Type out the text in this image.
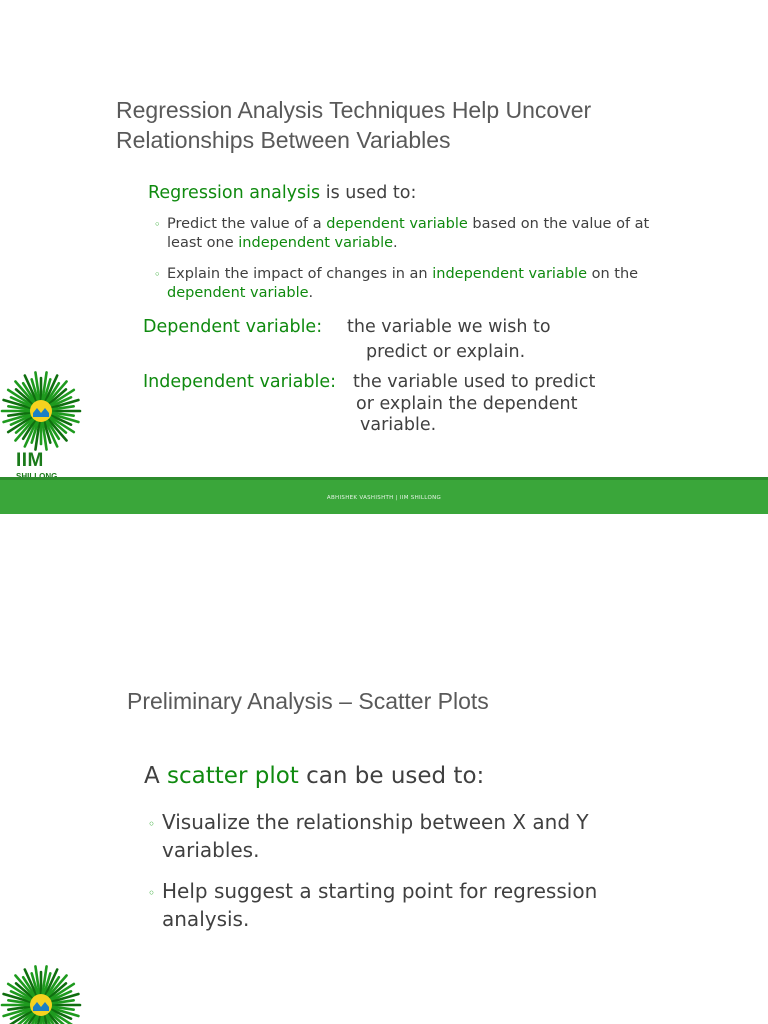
Regression Analysis Techniques Help Uncover Relationships Between Variables

Regression analysis is used to:

◦ Predict the value of a dependent variable based on the value of at least one independent variable.

◦ Explain the impact of changes in an independent variable on the dependent variable.

Dependent variable: the variable we wish to

predict or explain.

Independent variable: the variable used to predict

or explain the dependent

variable.

IIM
ABHISHEK VASHISHTH | IIM SHILLONG
Preliminary Analysis – Scatter Plots

A scatter plot can be used to:

◦ Visualize the relationship between X and Y variables.

◦ Help suggest a starting point for regression analysis.
